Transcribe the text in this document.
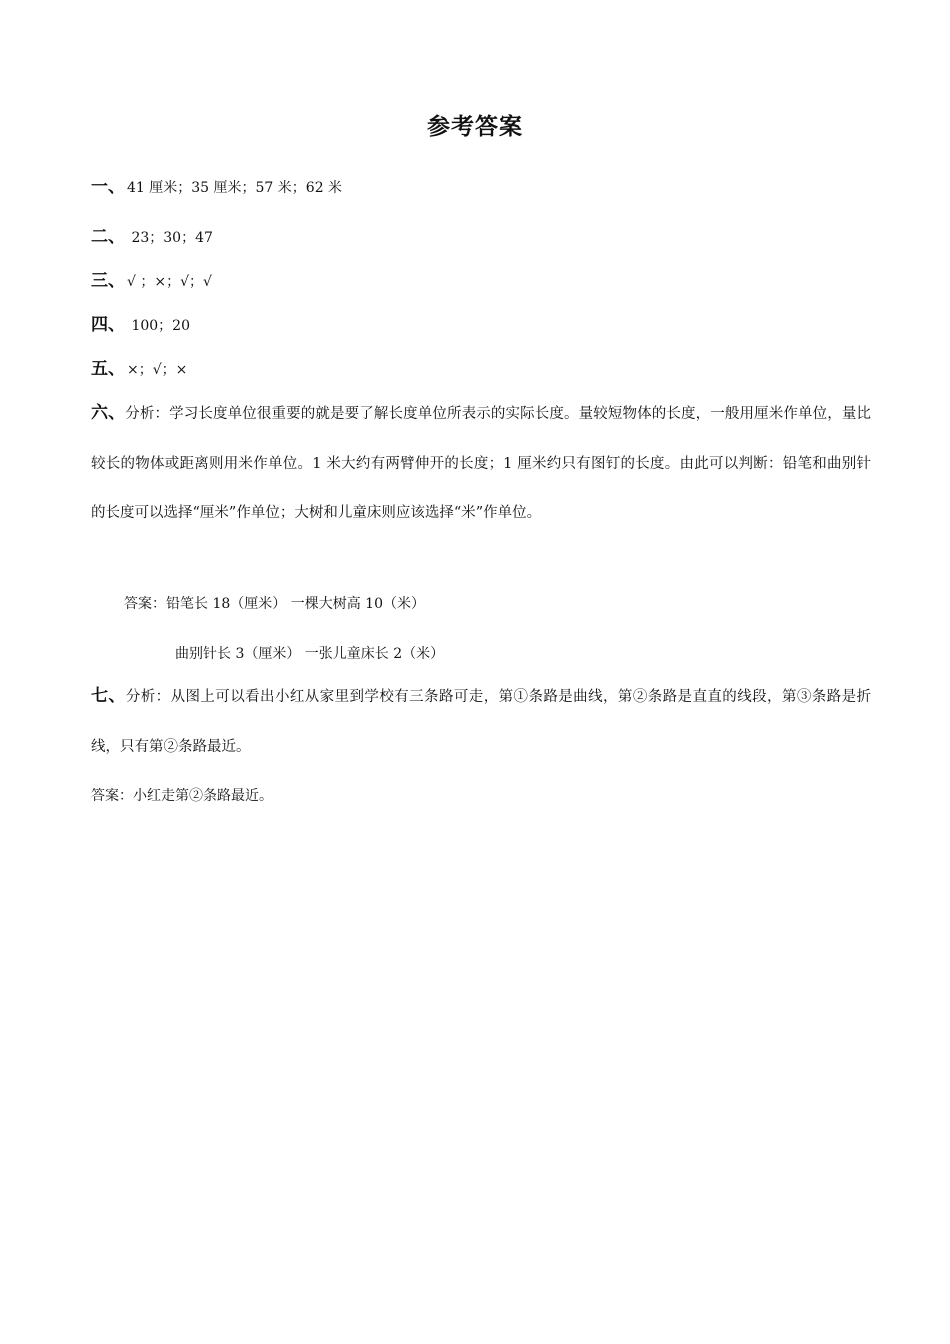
参考答案
一、 41 厘米；35 厘米；57 米；62 米
二、 23；30；47
三、 √ ；×；√；√
四、 100；20
五、 ×；√；×
六、分析：学习长度单位很重要的就是要了解长度单位所表示的实际长度。量较短物体的长度，一般用厘米作单位，量比较长的物体或距离则用米作单位。1 米大约有两臂伸开的长度；1 厘米约只有图钉的长度。由此可以判断：铅笔和曲别针的长度可以选择“厘米”作单位；大树和儿童床则应该选择“米”作单位。
答案：铅笔长 18（厘米） 一棵大树高 10（米）
曲别针长 3（厘米） 一张儿童床长 2（米）
七、分析：从图上可以看出小红从家里到学校有三条路可走，第①条路是曲线，第②条路是直直的线段，第③条路是折线，只有第②条路最近。
答案：小红走第②条路最近。
